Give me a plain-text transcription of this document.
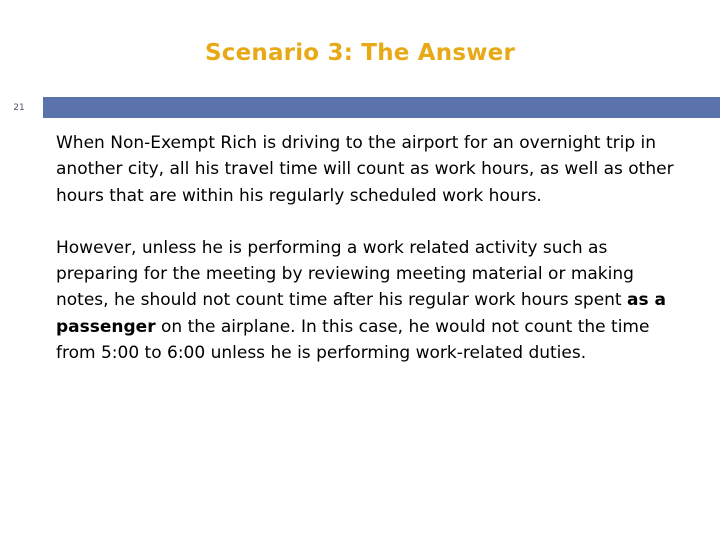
Scenario 3: The Answer
21

When Non-Exempt Rich is driving to the airport for an overnight trip in another city, all his travel time will count as work hours, as well as other hours that are within his regularly scheduled work hours.

However, unless he is performing a work related activity such as preparing for the meeting by reviewing meeting material or making notes, he should not count time after his regular work hours spent as a passenger on the airplane. In this case, he would not count the time from 5:00 to 6:00 unless he is performing work-related duties.
